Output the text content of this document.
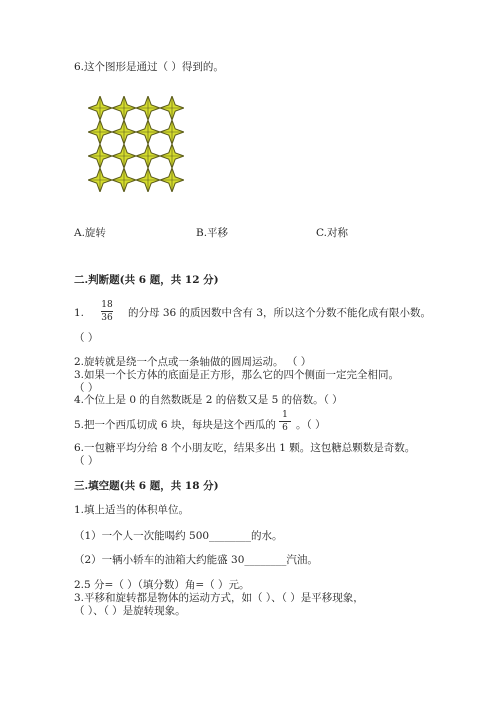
6.这个图形是通过（ ）得到的。
A.旋转	B.平移	C.对称
二.判断题(共 6 题，共 12 分)
1.
18
36 的分母 36 的质因数中含有 3，所以这个分数不能化成有限小数。
（ ）
2.旋转就是绕一个点或一条轴做的圆周运动。 （ ）
3.如果一个长方体的底面是正方形，那么它的四个侧面一定完全相同。
（ ）
4.个位上是 0 的自然数既是 2 的倍数又是 5 的倍数。（ ）
5.把一个西瓜切成 6 块，每块是这个西瓜的
1
6 。（ ）
6.一包糖平均分给 8 个小朋友吃，结果多出 1 颗。这包糖总颗数是奇数。
（ ）
三.填空题(共 6 题，共 18 分)
1.填上适当的体积单位。
（1）一个人一次能喝约 500________的水。
（2）一辆小轿车的油箱大约能盛 30________汽油。
2.5 分=（ ）（填分数）角=（ ）元。
3.平移和旋转都是物体的运动方式，如（ ）、（ ）是平移现象，
（ ）、（ ）是旋转现象。
